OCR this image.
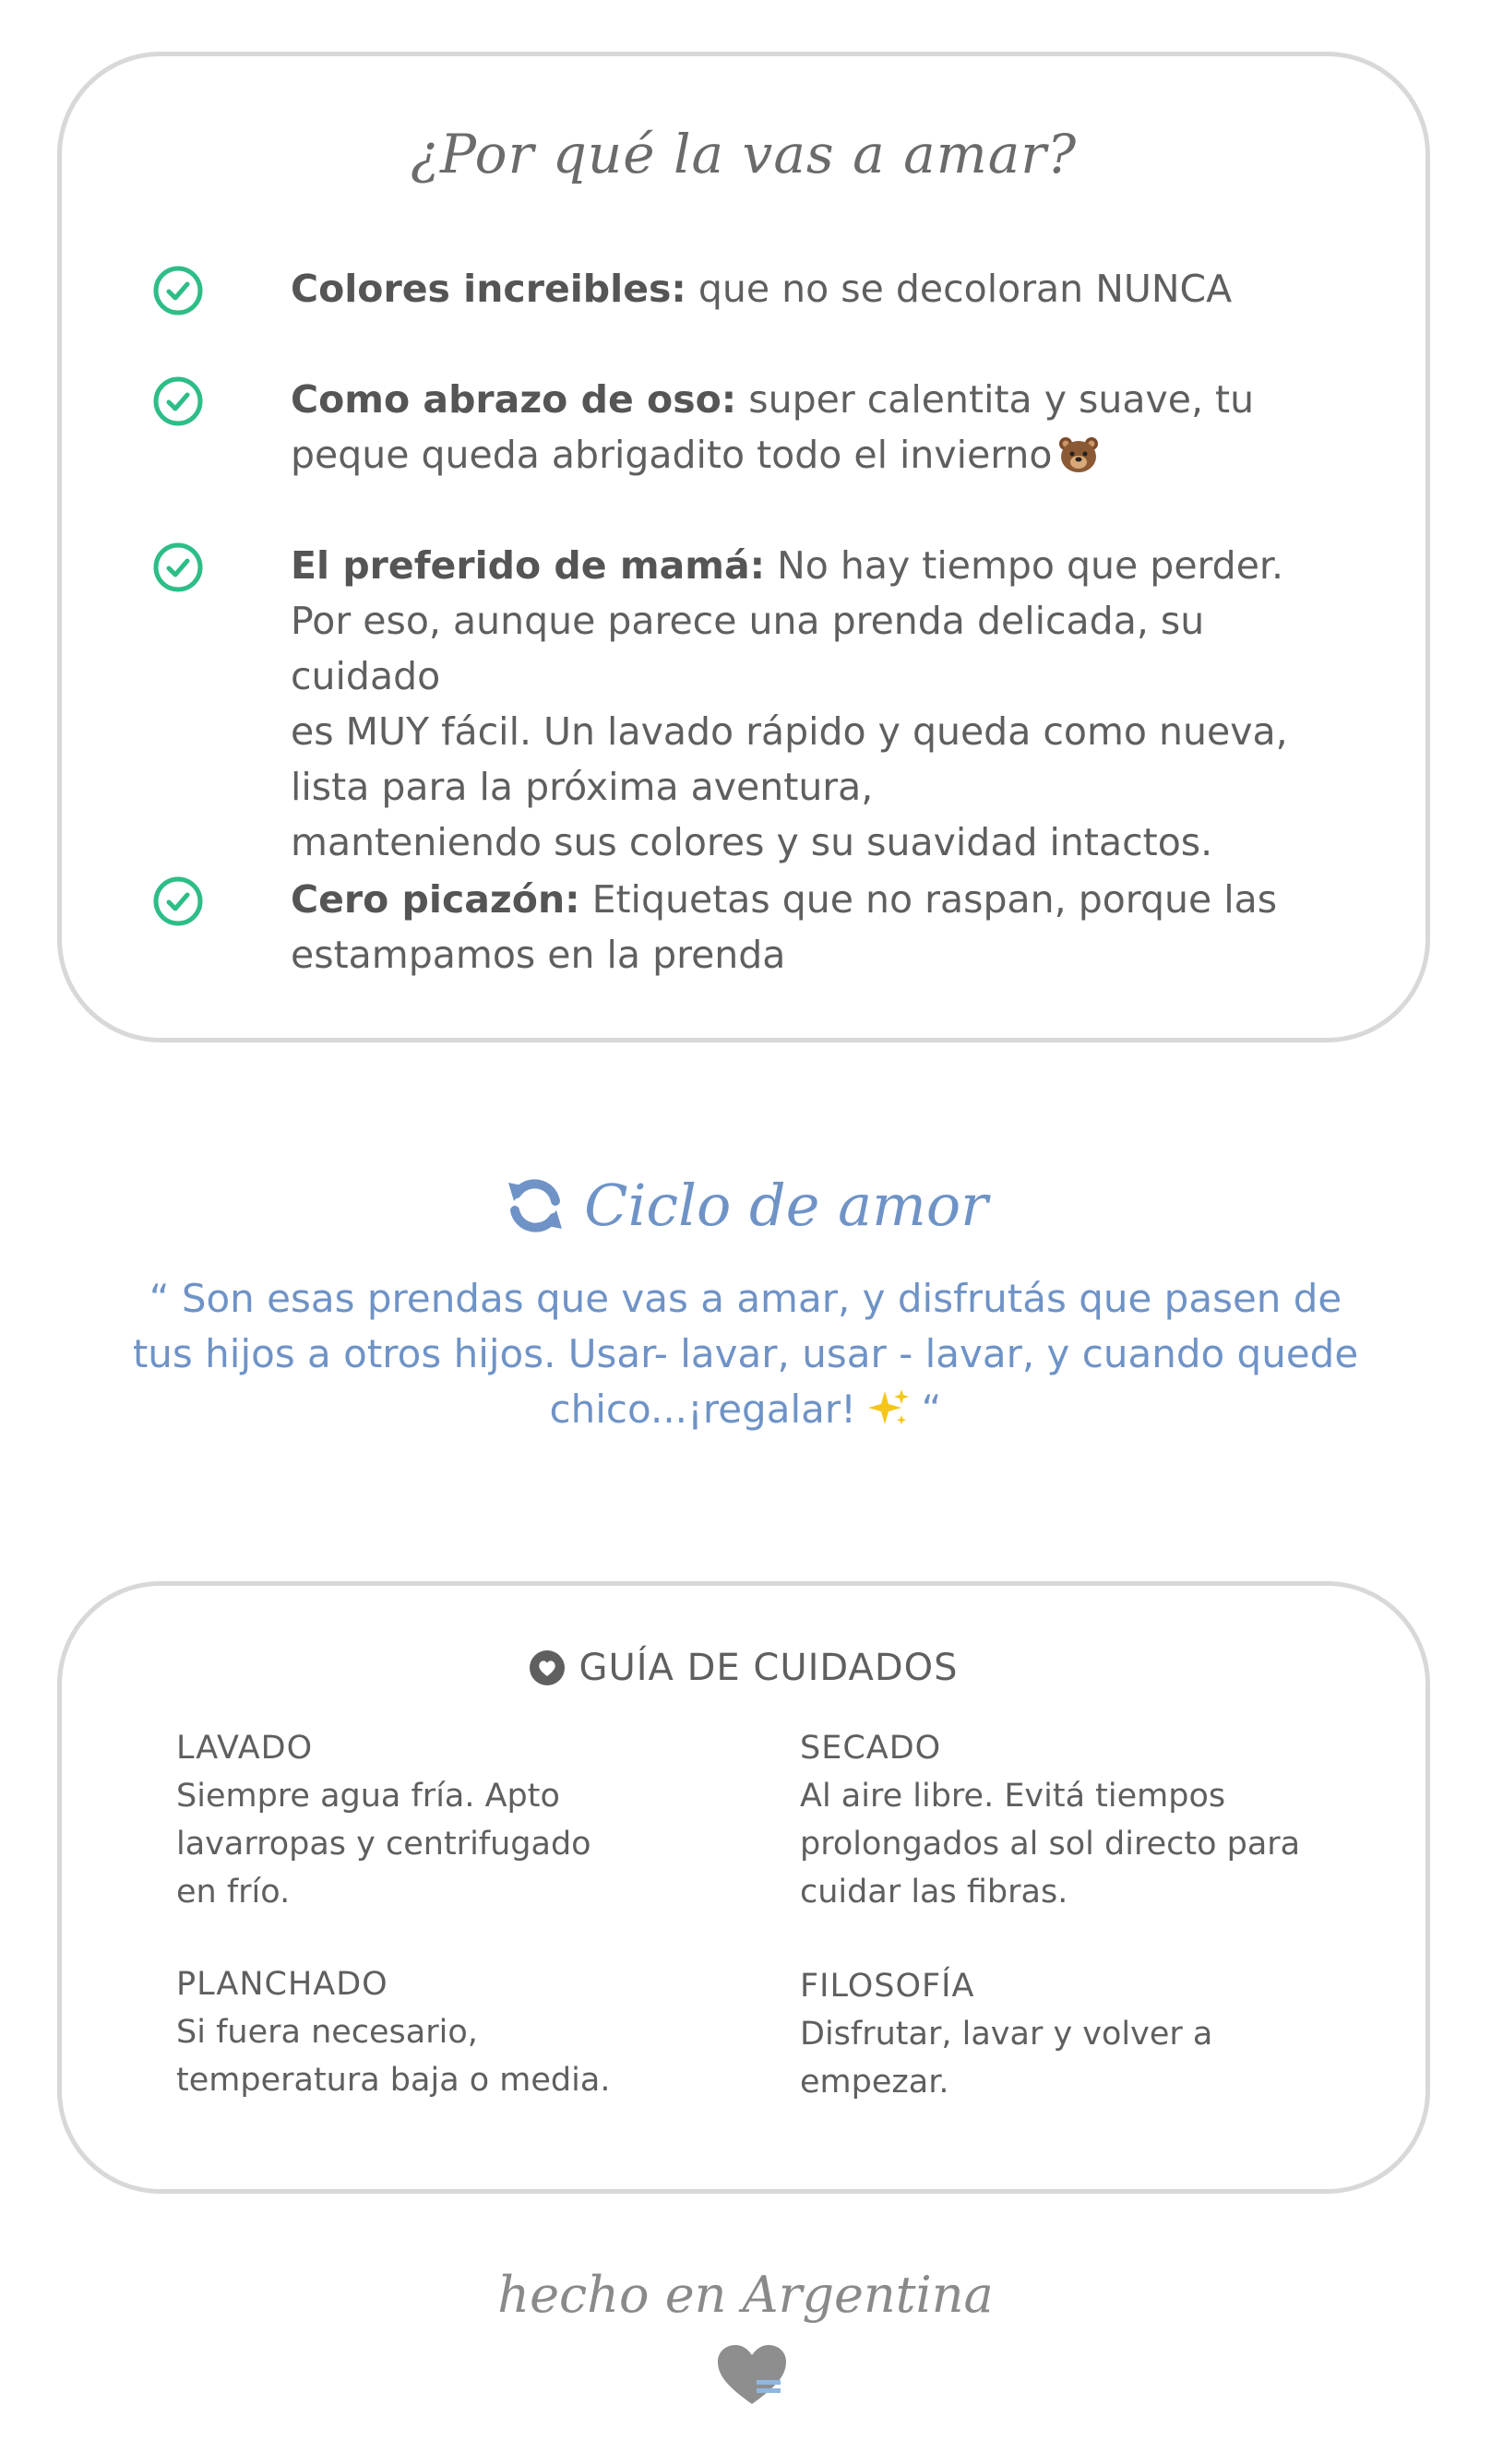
¿Por qué la vas a amar?
Colores increibles: que no se decoloran NUNCA
Como abrazo de oso: super calentita y suave, tu peque queda abrigadito todo el invierno
El preferido de mamá: No hay tiempo que perder.
Por eso, aunque parece una prenda delicada, su cuidado
es MUY fácil. Un lavado rápido y queda como nueva,
lista para la próxima aventura,
manteniendo sus colores y su suavidad intactos.
Cero picazón: Etiquetas que no raspan, porque las estampamos en la prenda
Ciclo de amor
“ Son esas prendas que vas a amar, y disfrutás que pasen de tus hijos a otros hijos. Usar- lavar, usar - lavar, y cuando quede chico...¡regalar!  “
GUÍA DE CUIDADOS
LAVADO
Siempre agua fría. Apto lavarropas y centrifugado en frío.
SECADO
Al aire libre. Evitá tiempos prolongados al sol directo para cuidar las fibras.
PLANCHADO
Si fuera necesario, temperatura baja o media.
FILOSOFÍA
Disfrutar, lavar y volver a empezar.
hecho en Argentina
